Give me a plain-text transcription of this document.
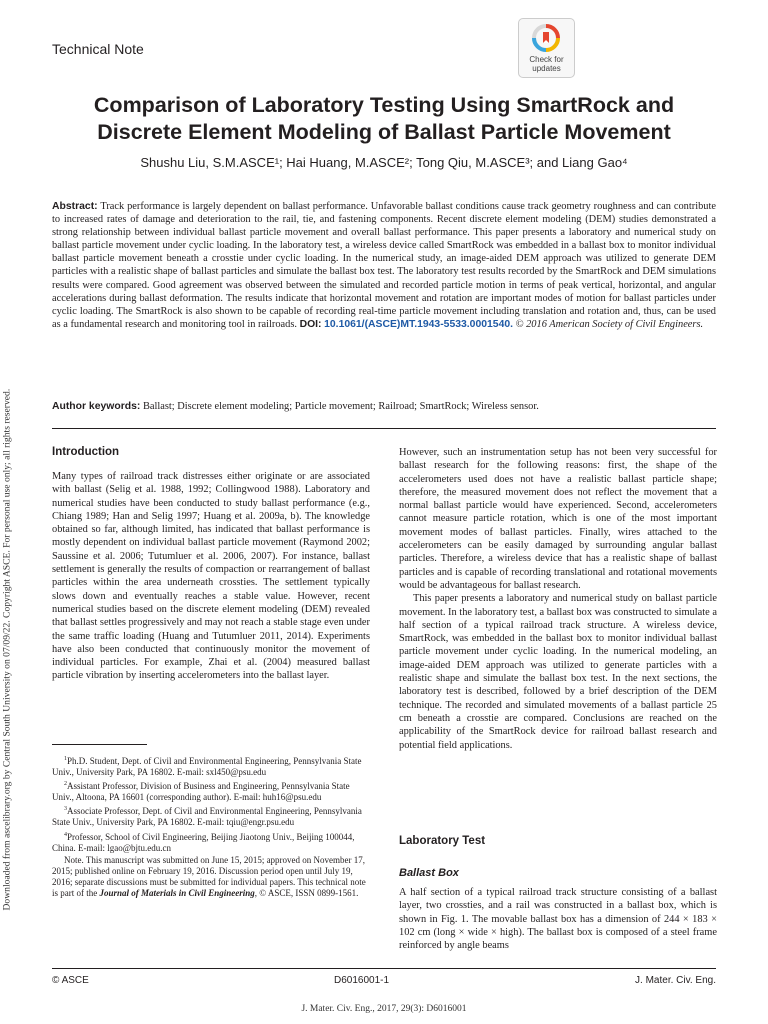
Downloaded from ascelibrary.org by Central South University on 07/09/22. Copyright ASCE. For personal use only; all rights reserved.
Technical Note
Check for updates
Comparison of Laboratory Testing Using SmartRock and
Discrete Element Modeling of Ballast Particle Movement
Shushu Liu, S.M.ASCE¹; Hai Huang, M.ASCE²; Tong Qiu, M.ASCE³; and Liang Gao⁴

Abstract: Track performance is largely dependent on ballast performance. Unfavorable ballast conditions cause track geometry roughness and can contribute to increased rates of damage and deterioration to the rail, tie, and fastening components. Recent discrete element modeling (DEM) studies demonstrated a strong relationship between individual ballast particle movement and overall ballast performance. This paper presents a laboratory and numerical study on ballast particle movement under cyclic loading. In the laboratory test, a wireless device called SmartRock was embedded in a ballast box to monitor individual ballast particle movement beneath a crosstie under cyclic loading. In the numerical study, an image-aided DEM approach was utilized to generate DEM particles with a realistic shape of ballast particles and simulate the ballast box test. The laboratory test results recorded by the SmartRock and DEM simulations results were compared. Good agreement was observed between the simulated and recorded particle motion in terms of peak vertical, horizontal, and angular accelerations during ballast deformation. The results indicate that horizontal movement and rotation are important modes of motion for ballast particles under cyclic loading. The SmartRock is also shown to be capable of recording real-time particle movement including translation and rotation and, thus, can be used as a fundamental research and monitoring tool in railroads. DOI: 10.1061/(ASCE)MT.1943-5533.0001540. © 2016 American Society of Civil Engineers.

Author keywords: Ballast; Discrete element modeling; Particle movement; Railroad; SmartRock; Wireless sensor.
Introduction

Many types of railroad track distresses either originate or are associated with ballast (Selig et al. 1988, 1992; Collingwood 1988). Laboratory and numerical studies have been conducted to study ballast performance (e.g., Chiang 1989; Han and Selig 1997; Huang et al. 2009a, b). The knowledge obtained so far, although limited, has indicated that ballast performance is mostly dependent on individual ballast particle movement (Raymond 2002; Saussine et al. 2006; Tutumluer et al. 2006, 2007). For instance, ballast settlement is generally the results of compaction or rearrangement of ballast particles within the area underneath crossties. The settlement typically slows down and eventually reaches a stable value. However, recent numerical studies based on the discrete element modeling (DEM) revealed that ballast settles progressively and may not reach a stable stage even under the same traffic loading (Huang and Tutumluer 2011, 2014). Experiments have also been conducted that continuously monitor the movement of individual particles. For example, Zhai et al. (2004) measured ballast particle vibration by inserting accelerometers into the ballast layer.

$^1$Ph.D. Student, Dept. of Civil and Environmental Engineering, Pennsylvania State Univ., University Park, PA 16802. E-mail: sxl450@psu.edu

$^2$Assistant Professor, Division of Business and Engineering, Pennsylvania State Univ., Altoona, PA 16601 (corresponding author). E-mail: huh16@psu.edu

$^3$Associate Professor, Dept. of Civil and Environmental Engineering, Pennsylvania State Univ., University Park, PA 16802. E-mail: tqiu@engr.psu.edu

$^4$Professor, School of Civil Engineering, Beijing Jiaotong Univ., Beijing 100044, China. E-mail: lgao@bjtu.edu.cn

Note. This manuscript was submitted on June 15, 2015; approved on November 17, 2015; published online on February 19, 2016. Discussion period open until July 19, 2016; separate discussions must be submitted for individual papers. This technical note is part of the Journal of Materials in Civil Engineering, © ASCE, ISSN 0899-1561.

However, such an instrumentation setup has not been very successful for ballast research for the following reasons: first, the shape of the accelerometers used does not have a realistic ballast particle shape; therefore, the measured movement does not reflect the movement that a normal ballast particle would have experienced. Second, accelerometers cannot measure particle rotation, which is one of the most important movement modes of ballast particles. Finally, wires attached to the accelerometers can be easily damaged by surrounding angular ballast particles. Therefore, a wireless device that has a realistic shape of ballast particles and is capable of recording translational and rotational movements would be advantageous for ballast research.

This paper presents a laboratory and numerical study on ballast particle movement. In the laboratory test, a ballast box was constructed to simulate a half section of a typical railroad track structure. A wireless device, SmartRock, was embedded in the ballast box to monitor individual ballast particle movement under cyclic loading. In the numerical modeling, an image-aided DEM approach was utilized to generate particles with a realistic shape and simulate the ballast box test. In the next sections, the laboratory test is described, followed by a brief description of the DEM technique. The recorded and simulated movements of a ballast particle 25 cm beneath a crosstie are compared. Conclusions are reached on the applicability of the SmartRock device for railroad ballast research and potential field applications.

Laboratory Test
Ballast Box

A half section of a typical railroad track structure consisting of a ballast layer, two crossties, and a rail was constructed in a ballast box, which is shown in Fig. 1. The movable ballast box has a dimension of 244 × 183 × 102 cm (long × wide × high). The ballast box is composed of a steel frame reinforced by angle beams

© ASCE	D6016001-1	J. Mater. Civ. Eng.
J. Mater. Civ. Eng., 2017, 29(3): D6016001
